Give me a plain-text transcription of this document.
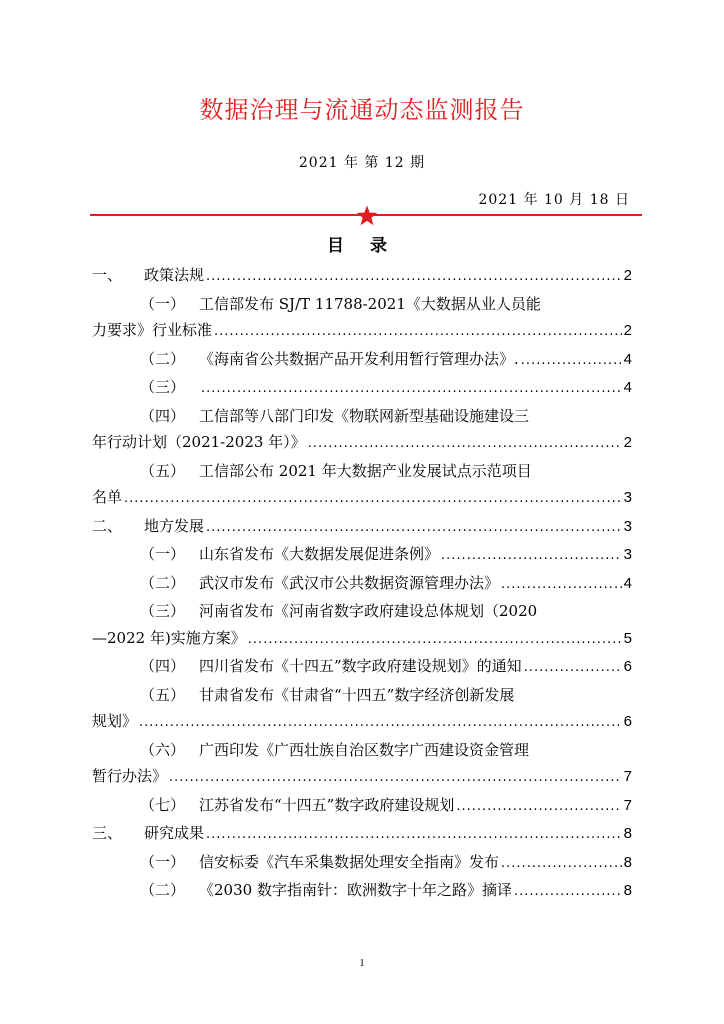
数据治理与流通动态监测报告
2021 年 第 12 期
2021 年 10 月 18 日
目 录
一、 政策法规 .....	2
（一） 工信部发布 SJ/T 11788-2021《大数据从业人员能
力要求》行业标准 .....	2
（二） 《海南省公共数据产品开发利用暂行管理办法》. .....	4
（三） .....	4
（四） 工信部等八部门印发《物联网新型基础设施建设三
年行动计划（2021-2023 年）》 .....	2
（五） 工信部公布 2021 年大数据产业发展试点示范项目
名单 .....	3
二、 地方发展 .....	3
（一） 山东省发布《大数据发展促进条例》 .....	3
（二） 武汉市发布《武汉市公共数据资源管理办法》 .....	4
（三） 河南省发布《河南省数字政府建设总体规划（2020
—2022 年)实施方案》 .....	5
（四） 四川省发布《十四五”数字政府建设规划》的通知 .....	6
（五） 甘肃省发布《甘肃省“十四五”数字经济创新发展
规划》 .....	6
（六） 广西印发《广西壮族自治区数字广西建设资金管理
暂行办法》 .....	7
（七） 江苏省发布“十四五”数字政府建设规划 .....	7
三、 研究成果 .....	8
（一） 信安标委《汽车采集数据处理安全指南》发布 .....	8
（二） 《2030 数字指南针：欧洲数字十年之路》摘译 .....	8
1
